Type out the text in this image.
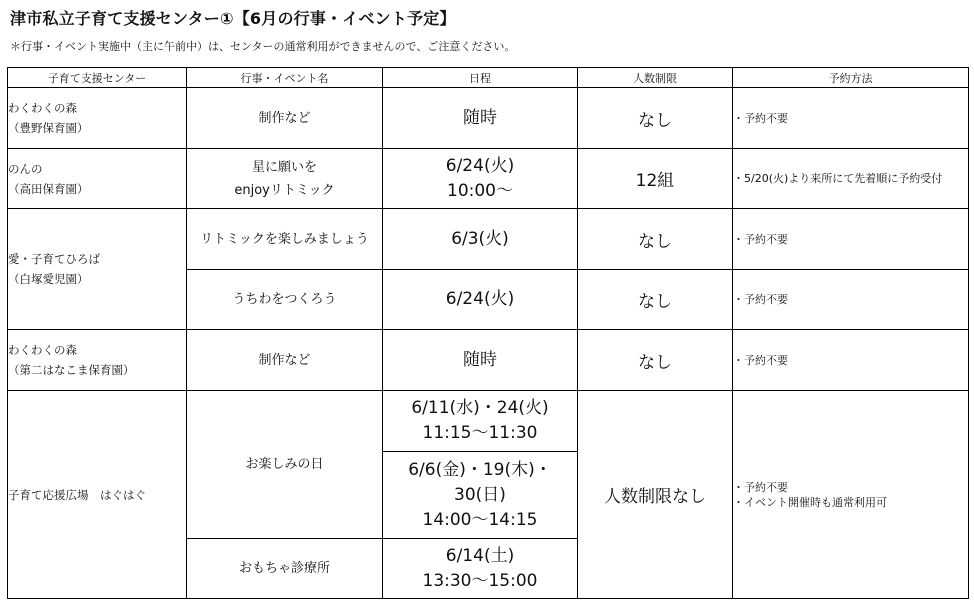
津市私立子育て支援センター①【6月の行事・イベント予定】
＊行事・イベント実施中（主に午前中）は、センターの通常利用ができませんので、ご注意ください。
子育て支援センター	行事・イベント名	日程	人数制限	予約方法

わくわくの森
（豊野保育園）	制作など	随時	なし	・予約不要

のんの
（高田保育園）	星に願いを
enjoyリトミック	6/24(火)
10:00～	12組	・5/20(火)より来所にて先着順に予約受付

愛・子育てひろば
（白塚愛児園）	リトミックを楽しみましょう	6/3(火)	なし	・予約不要

	うちわをつくろう	6/24(火)	なし	・予約不要

わくわくの森
（第二はなこま保育園）	制作など	随時	なし	・予約不要

子育て応援広場　はぐはぐ	お楽しみの日	6/11(水)・24(火)
11:15～11:30	人数制限なし	・予約不要
・イベント開催時も通常利用可

		6/6(金)・19(木)・
30(日)
14:00～14:15		

	おもちゃ診療所	6/14(土)
13:30～15:00		
